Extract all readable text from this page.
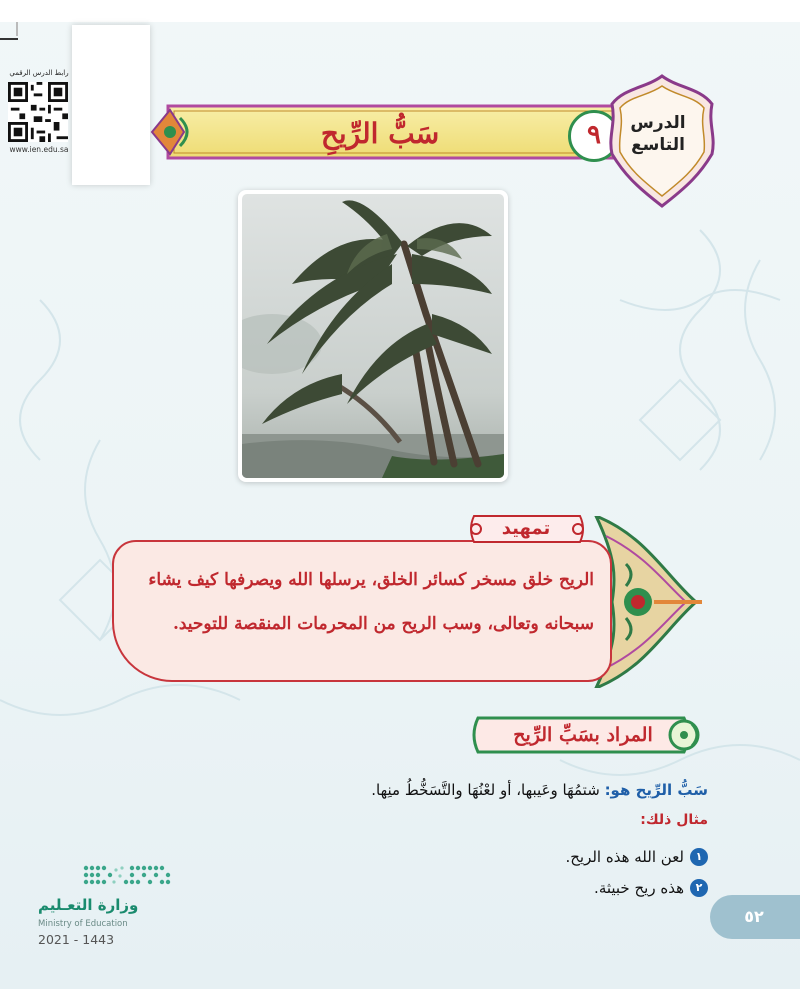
رابط الدرس الرقمي
www.ien.edu.sa	سَبُّ الرِّيحِ	٩	الدرس
التاسع
تمهيد
الريح خلق مسخر كسائر الخلق، يرسلها الله ويصرفها كيف يشاء
سبحانه وتعالى، وسب الريح من المحرمات المنقصة للتوحيد.
المراد بسَبِّ الرِّيح
سَبُّ الرِّيح هو: شتمُهَا وعَيبها، أو لعْنُهَا والتَّسَخُّطُ منِها.
مثال ذلك:
١
لعن الله هذه الريح.
٢
هذه ريح خبيثة.
وزارة التعـليم
Ministry of Education
2021 - 1443
٥٢
